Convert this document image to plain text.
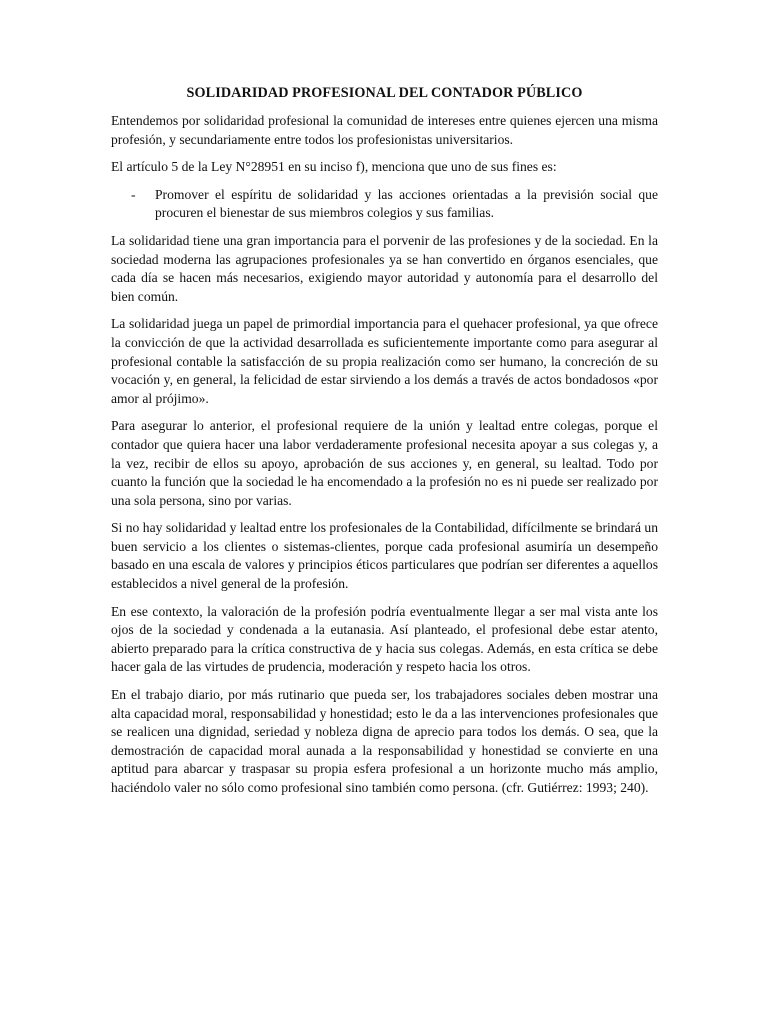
SOLIDARIDAD PROFESIONAL DEL CONTADOR PÚBLICO

Entendemos por solidaridad profesional la comunidad de intereses entre quienes ejercen una misma profesión, y secundariamente entre todos los profesionistas universitarios.

El artículo 5 de la Ley N°28951 en su inciso f), menciona que uno de sus fines es:

-	Promover el espíritu de solidaridad y las acciones orientadas a la previsión social que procuren el bienestar de sus miembros colegios y sus familias.

La solidaridad tiene una gran importancia para el porvenir de las profesiones y de la sociedad. En la sociedad moderna las agrupaciones profesionales ya se han convertido en órganos esenciales, que cada día se hacen más necesarios, exigiendo mayor autoridad y autonomía para el desarrollo del bien común.

La solidaridad juega un papel de primordial importancia para el quehacer profesional, ya que ofrece la convicción de que la actividad desarrollada es suficientemente importante como para asegurar al profesional contable la satisfacción de su propia realización como ser humano, la concreción de su vocación y, en general, la felicidad de estar sirviendo a los demás a través de actos bondadosos «por amor al prójimo».

Para asegurar lo anterior, el profesional requiere de la unión y lealtad entre colegas, porque el contador que quiera hacer una labor verdaderamente profesional necesita apoyar a sus colegas y, a la vez, recibir de ellos su apoyo, aprobación de sus acciones y, en general, su lealtad. Todo por cuanto la función que la sociedad le ha encomendado a la profesión no es ni puede ser realizado por una sola persona, sino por varias.

Si no hay solidaridad y lealtad entre los profesionales de la Contabilidad, difícilmente se brindará un buen servicio a los clientes o sistemas-clientes, porque cada profesional asumiría un desempeño basado en una escala de valores y principios éticos particulares que podrían ser diferentes a aquellos establecidos a nivel general de la profesión.

En ese contexto, la valoración de la profesión podría eventualmente llegar a ser mal vista ante los ojos de la sociedad y condenada a la eutanasia. Así planteado, el profesional debe estar atento, abierto preparado para la crítica constructiva de y hacia sus colegas. Además, en esta crítica se debe hacer gala de las virtudes de prudencia, moderación y respeto hacia los otros.

En el trabajo diario, por más rutinario que pueda ser, los trabajadores sociales deben mostrar una alta capacidad moral, responsabilidad y honestidad; esto le da a las intervenciones profesionales que se realicen una dignidad, seriedad y nobleza digna de aprecio para todos los demás. O sea, que la demostración de capacidad moral aunada a la responsabilidad y honestidad se convierte en una aptitud para abarcar y traspasar su propia esfera profesional a un horizonte mucho más amplio, haciéndolo valer no sólo como profesional sino también como persona. (cfr. Gutiérrez: 1993; 240).
